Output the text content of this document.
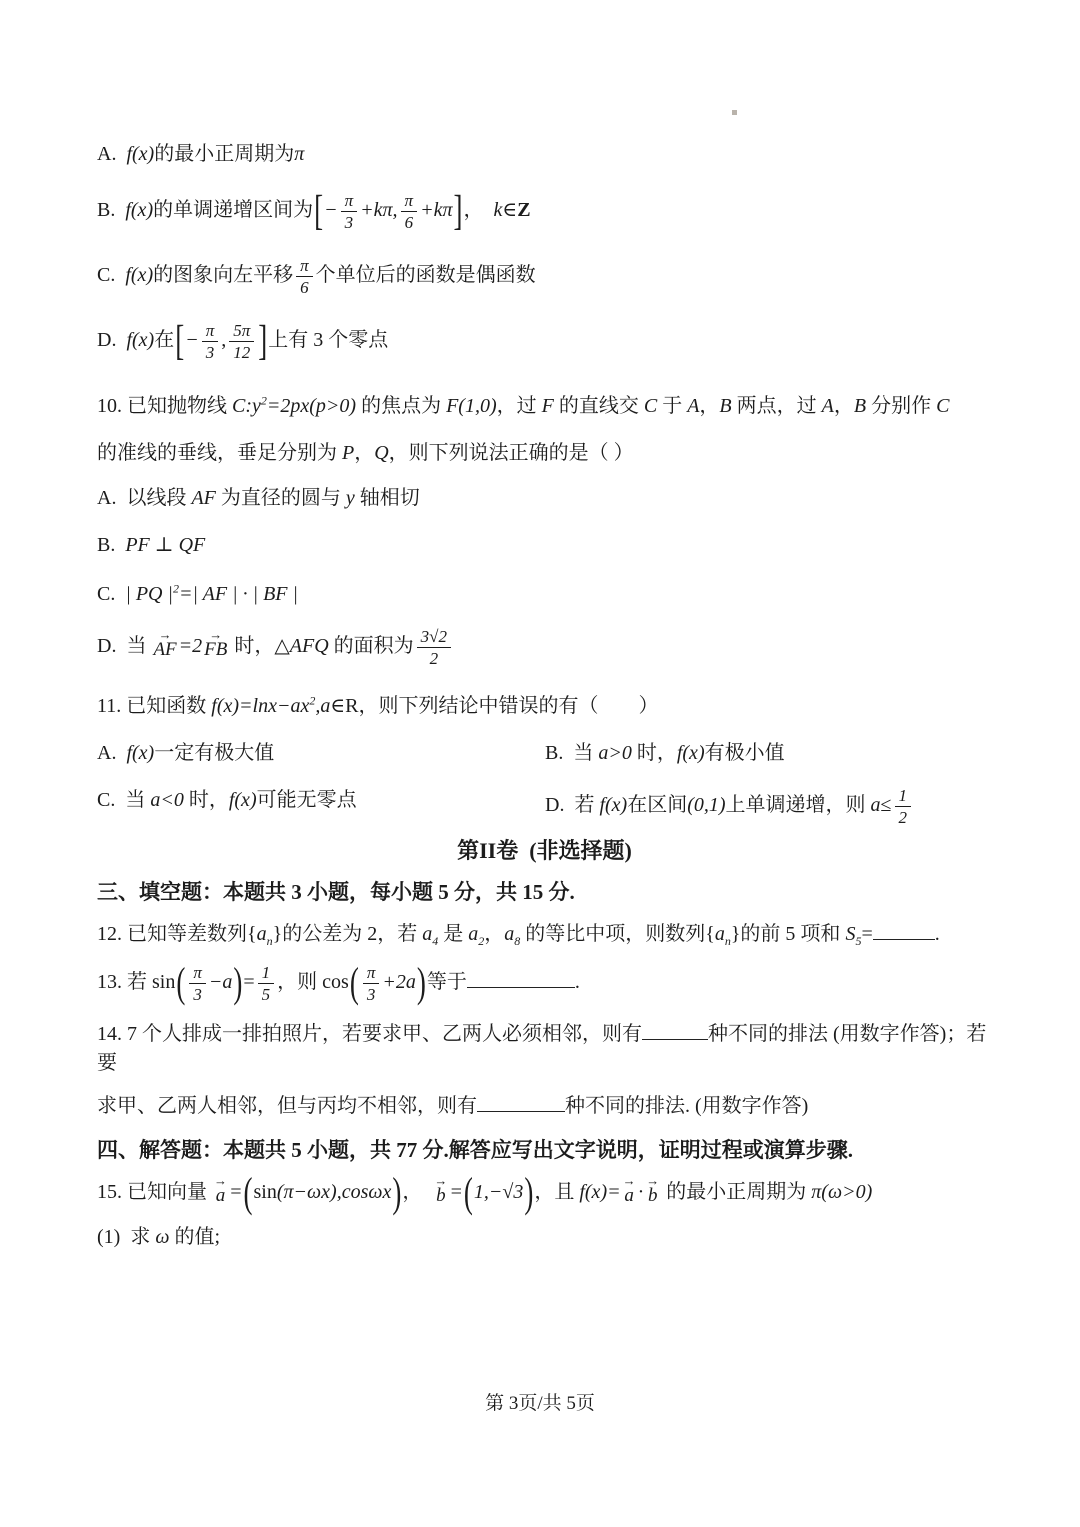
A.  f(x)的最小正周期为π
B.  f(x)的单调递增区间为[− $\frac{\pi}{3} +k\pi$, $\frac{\pi}{6} +k\pi$]，  k∈Z
C.  f(x)的图象向左平移 $\frac{\pi}{6}$ 个单位后的函数是偶函数
D.  f(x)在[− $\frac{\pi}{3}$ , $\frac{5\pi}{12}$ ]上有 3 个零点
10. 已知抛物线 $C:y^2=2px(p>0)$ 的焦点为 F(1,0)，过 F 的直线交 C 于 A，B 两点，过 A，B 分别作 C
的准线的垂线，垂足分别为 P，Q，则下列说法正确的是（ ）
A.  以线段 AF 为直径的圆与 y 轴相切
B.  PF ⊥ QF
C.  | PQ $|^2=|$ AF | · | BF |
D.  当
→
AF =2
→
FB 时，△AFQ 的面积为 $\frac{3√2}{2}$
11. 已知函数 $f(x)=\ln x-ax^2,a\in R$，则下列结论中错误的有（　　）
A.  f(x)一定有极大值	B.  当 a>0 时，f(x)有极小值
C.  当 a<0 时，f(x)可能无零点	D.  若 f(x)在区间(0,1)上单调递增，则 $a\le \frac{1}{2}$
第II卷  (非选择题)
三、填空题：本题共 3 小题，每小题 5 分，共 15 分.
12. 已知等差数列$\{a_n\}$的公差为 2，若 $a_4$ 是 $a_2$，$a_8$ 的等比中项，则数列$\{a_n\}$的前 5 项和 $S_5=$	.
13. 若 $\sin( \frac{\pi}{3} -a)= \frac{1}{5}$ ，则 $\cos( \frac{\pi}{3} +2a)$等于	.
14. 7 个人排成一排拍照片，若要求甲、乙两人必须相邻，则有	种不同的排法 (用数字作答)；若要
求甲、乙两人相邻，但与丙均不相邻，则有	种不同的排法. (用数字作答)
四、解答题：本题共 5 小题，共 77 分.解答应写出文字说明，证明过程或演算步骤.
15. 已知向量
→
a =(sin(π−ωx),cosωx)，
→
b =(1,−√3)，且 f(x)=
→
a ·
→
b 的最小正周期为 π(ω>0)
(1)  求 ω 的值;
第 3页/共 5页
